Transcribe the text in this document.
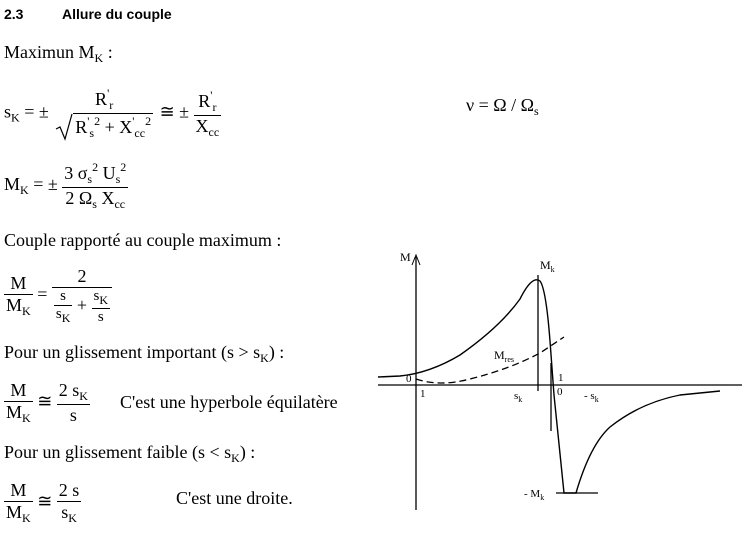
2.3	Allure du couple
Maximun $M_K$ :
$s_K$ = ±
$R'_r$
$R'_s^2 + X'_{cc}^2$ ≅ ± $\frac{R'_r}{X_{cc}}$	$\nu = \Omega / \Omega_s$
$M_K$ = ± $\frac{3 \sigma_s^2 U_s^2}{2 \Omega_s X_{cc}}$
Couple rapporté au couple maximum :
$\frac{M}{M_K} = \frac{2}{\frac{s}{s_K} + \frac{s_K}{s}}$
Pour un glissement important $(s > s_K)$ :
$\frac{M}{M_K}$ ≅ $\frac{2 s_K}{s} C'est$ une hyperbole équilatère
Pour un glissement faible $(s < s_K)$ :
$\frac{M}{M_K}$ ≅ $\frac{2 s}{s_K}$	C'est une droite.
M
$M_k$
$M_{res}$
0
1	$s_k$
1
$0 - s_k$
- $M_k$
